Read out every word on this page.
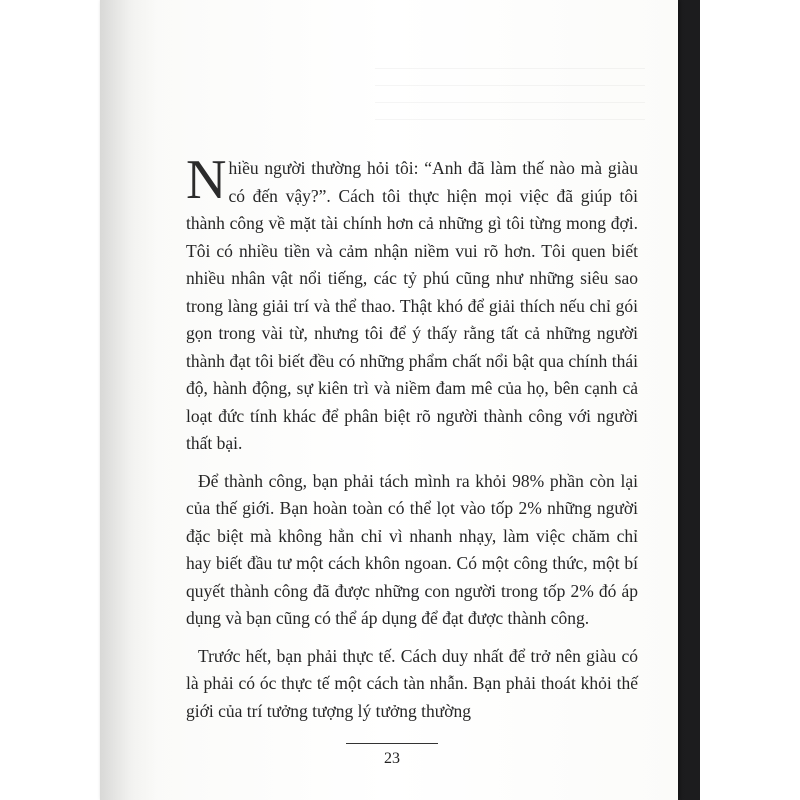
Nhiều người thường hỏi tôi: “Anh đã làm thế nào mà giàu có đến vậy?”. Cách tôi thực hiện mọi việc đã giúp tôi thành công về mặt tài chính hơn cả những gì tôi từng mong đợi. Tôi có nhiều tiền và cảm nhận niềm vui rõ hơn. Tôi quen biết nhiều nhân vật nổi tiếng, các tỷ phú cũng như những siêu sao trong làng giải trí và thể thao. Thật khó để giải thích nếu chỉ gói gọn trong vài từ, nhưng tôi để ý thấy rằng tất cả những người thành đạt tôi biết đều có những phẩm chất nổi bật qua chính thái độ, hành động, sự kiên trì và niềm đam mê của họ, bên cạnh cả loạt đức tính khác để phân biệt rõ người thành công với người thất bại.

Để thành công, bạn phải tách mình ra khỏi 98% phần còn lại của thế giới. Bạn hoàn toàn có thể lọt vào tốp 2% những người đặc biệt mà không hẳn chỉ vì nhanh nhạy, làm việc chăm chỉ hay biết đầu tư một cách khôn ngoan. Có một công thức, một bí quyết thành công đã được những con người trong tốp 2% đó áp dụng và bạn cũng có thể áp dụng để đạt được thành công.

Trước hết, bạn phải thực tế. Cách duy nhất để trở nên giàu có là phải có óc thực tế một cách tàn nhẫn. Bạn phải thoát khỏi thế giới của trí tưởng tượng lý tưởng thường

23
